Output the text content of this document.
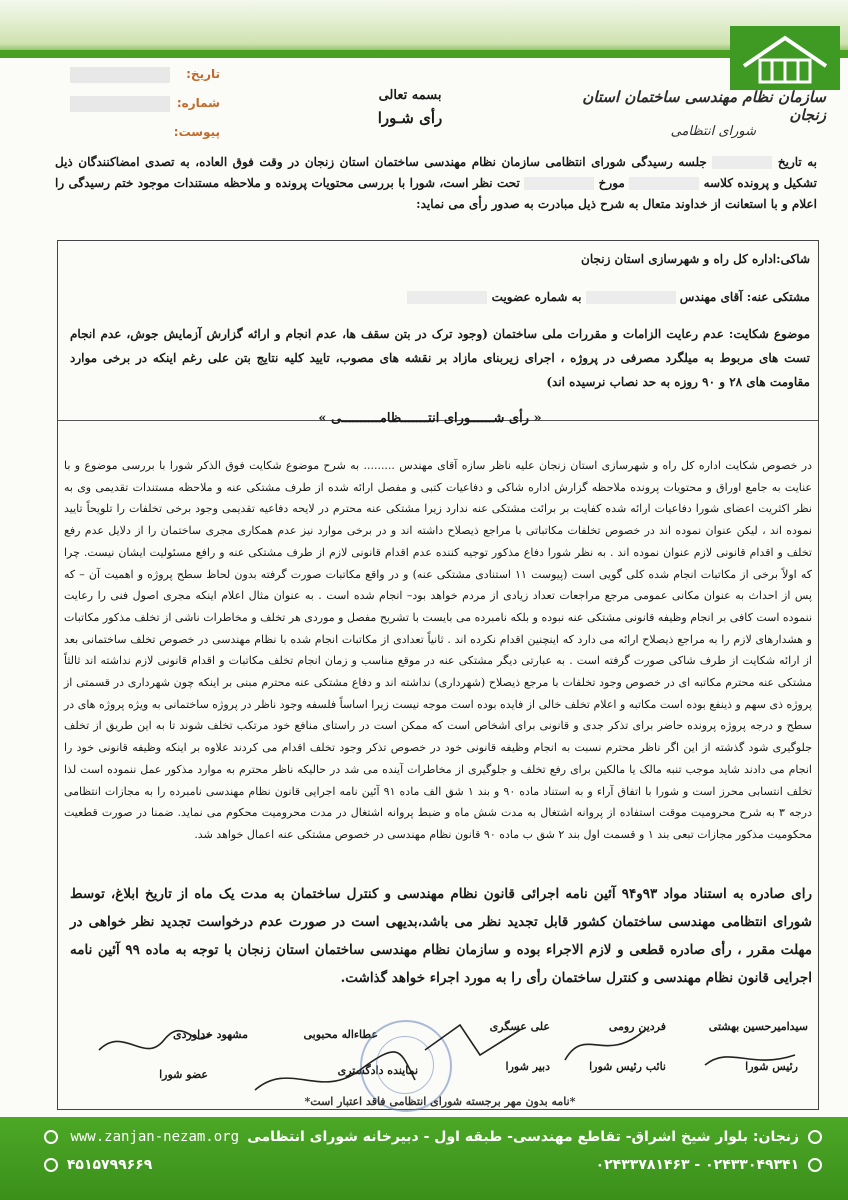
سازمان نظام مهندسی ساختمان استان زنجان
شورای انتظامی
تاریخ:
شماره:
پیوست:
بسمه تعالی
رأی شـورا
به تاریخ  جلسه رسیدگی شورای انتظامی سازمان نظام مهندسی ساختمان استان زنجان در وقت فوق العاده، به تصدی امضاکنندگان ذیل تشکیل و پرونده کلاسه  مورخ  تحت نظر است، شورا با بررسی محتویات پرونده و ملاحظه مستندات موجود ختم رسیدگی را اعلام و با استعانت از خداوند متعال به شرح ذیل مبادرت به صدور رأی می نماید:
شاکی:اداره کل راه و شهرسازی استان زنجان
مشتکی عنه: آقای مهندس  به شماره عضویت
موضوع شکایت: عدم رعایت الزامات و مقررات ملی ساختمان (وجود ترک در بتن سقف ها، عدم انجام و ارائه گزارش آزمایش جوش، عدم انجام تست های مربوط به میلگرد مصرفی در پروژه ، اجرای زیربنای مازاد بر نقشه های مصوب، تایید کلیه نتایج بتن علی رغم اینکه در برخی موارد مقاومت های ۲۸ و ۹۰ روزه به حد نصاب نرسیده اند)
« رأی شــــــورای انتـــــــظامــــــــــی »
در خصوص شکایت اداره کل راه و شهرسازی استان زنجان علیه ناظر سازه آقای مهندس ......... به شرح موضوع شکایت فوق الذکر شورا با بررسی موضوع و با عنایت به جامع اوراق و محتویات پرونده ملاحظه گزارش اداره شاکی و دفاعیات کتبی و مفصل ارائه شده از طرف مشتکی عنه و ملاحظه مستندات تقدیمی وی به نظر اکثریت اعضای شورا دفاعیات ارائه شده کفایت بر برائت مشتکی عنه ندارد زیرا مشتکی عنه محترم در لایحه دفاعیه تقدیمی وجود برخی تخلفات را تلویحاً تایید نموده اند ، لیکن عنوان نموده اند در خصوص تخلفات مکاتباتی با مراجع ذیصلاح داشته اند و در برخی موارد نیز عدم همکاری مجری ساختمان را از دلایل عدم رفع تخلف و اقدام قانونی لازم عنوان نموده اند . به نظر شورا دفاع مذکور توجیه کننده عدم اقدام قانونی لازم از طرف مشتکی عنه و رافع مسئولیت ایشان نیست. چرا که اولاً برخی از مکاتبات انجام شده کلی گویی است (پیوست ۱۱ استنادی مشتکی عنه) و در واقع مکاتبات صورت گرفته بدون لحاظ سطح پروژه و اهمیت آن – که پس از احداث به عنوان مکانی عمومی مرجع مراجعات تعداد زیادی از مردم خواهد بود– انجام شده است . به عنوان مثال اعلام اینکه مجری اصول فنی را رعایت ننموده است کافی بر انجام وظیفه قانونی مشتکی عنه نبوده و بلکه نامبرده می بایست با تشریح مفصل و موردی هر تخلف و مخاطرات ناشی از تخلف مذکور مکاتبات و هشدارهای لازم را به مراجع ذیصلاح ارائه می دارد که اینچنین اقدام نکرده اند . ثانیاً تعدادی از مکاتبات انجام شده با نظام مهندسی در خصوص تخلف ساختمانی بعد از ارائه شکایت از طرف شاکی صورت گرفته است . به عبارتی دیگر مشتکی عنه در موقع مناسب و زمان انجام تخلف مکاتبات و اقدام قانونی لازم نداشته اند ثالثاً مشتکی عنه محترم مکاتبه ای در خصوص وجود تخلفات با مرجع ذیصلاح (شهرداری) نداشته اند و دفاع مشتکی عنه محترم مبنی بر اینکه چون شهرداری در قسمتی از پروژه ذی سهم و ذینفع بوده است مکاتبه و اعلام تخلف خالی از فایده بوده است موجه نیست زیرا اساساً فلسفه وجود ناظر در پروژه ساختمانی به ویژه پروژه های در سطح و درجه پروژه پرونده حاضر برای تذکر جدی و قانونی برای اشخاص است که ممکن است در راستای منافع خود مرتکب تخلف شوند تا به این طریق از تخلف جلوگیری شود گذشته از این اگر ناظر محترم نسبت به انجام وظیفه قانونی خود در خصوص تذکر وجود تخلف اقدام می کردند علاوه بر اینکه وظیفه قانونی خود را انجام می دادند شاید موجب تنبه مالک یا مالکین برای رفع تخلف و جلوگیری از مخاطرات آینده می شد در حالیکه ناظر محترم به موارد مذکور عمل ننموده است لذا تخلف انتسابی محرز است و شورا با اتفاق آراء و به استناد ماده ۹۰ و بند ۱ شق الف ماده ۹۱ آئین نامه اجرایی قانون نظام مهندسی نامبرده را به مجازات انتظامی درجه ۳ به شرح محرومیت موقت استفاده از پروانه اشتغال به مدت شش ماه و ضبط پروانه اشتغال در مدت محرومیت محکوم می نماید. ضمنا در صورت قطعیت محکومیت مذکور مجازات تبعی بند ۱ و قسمت اول بند ۲ شق ب ماده ۹۰ قانون نظام مهندسی در خصوص مشتکی عنه اعمال خواهد شد.
رای صادره به استناد مواد ۹۳و۹۴ آئین نامه اجرائی قانون نظام مهندسی و کنترل ساختمان به مدت یک ماه از تاریخ ابلاغ، توسط شورای انتظامی مهندسی ساختمان کشور قابل تجدید نظر می باشد،بدیهی است در صورت عدم درخواست تجدید نظر خواهی در مهلت مقرر ، رأی صادره قطعی و لازم الاجراء بوده و سازمان نظام مهندسی ساختمان استان زنجان با توجه به ماده ۹۹ آئین نامه اجرایی قانون نظام مهندسی و کنترل ساختمان رأی را به مورد اجراء خواهد گذاشت.
سیدامیرحسین بهشتی
رئیس شورا
فردین رومی
نائب رئیس شورا
علی عسگری
دبیر شورا
عطاءاله محبوبی
نماینده دادگستری
مشهود خداوردی
عضو شورا
*نامه بدون مهر برجسته شورای انتظامی فاقد اعتبار است*
زنجان: بلوار شیخ اشراق- تقاطع مهندسی- طبقه اول - دبیرخانه شورای انتظامی
۰۲۴۳۳۰۴۹۳۴۱ - ۰۲۴۳۳۷۸۱۴۶۳
www.zanjan-nezam.org
۴۵۱۵۷۹۹۶۶۹
